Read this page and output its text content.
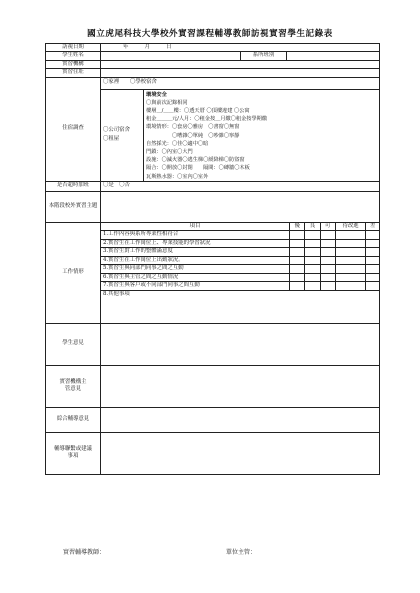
國立虎尾科技大學校外實習課程輔導教師訪視實習學生記錄表
訪視日期	年　　　月　　　日
學生姓名		系所班別	
實習機構	
實習住址	
住宿調查	〇家裡　　〇學校宿舍

〇公司宿舍
〇租屋

環境安全
〇與前次記錄相同
樓層＿/＿＿樓：〇透天厝 〇頂樓違建 〇公寓
租金＿＿＿元/人月：〇租金按＿月繳〇租金按學期繳
環境情形：〇套房〇雅房　〇書窗〇無窗
　　　　　〇嘈雜〇單純　〇吵雜〇寧靜
自然採光：〇佳〇適中〇暗
門鎖：〇內室〇大門
設施：〇滅火器〇逃生梯〇緩降梯〇防盜窗
隔合：〇開放〇封閉　　隔間：〇磚牆〇木板
瓦斯熱水器：〇室內〇室外

是否超時加班	〇是　〇否
本階段校外實習主題	
工作情形	
項目	優	良	可	待改進	差
1.工作內容與系所專業性相符合					
2.實習生在工作崗位上、專業技能的學習狀況					
3.實習生對工作的整體滿意度					
4.實習生在工作崗位上出勤狀況。					
5.實習生與同部門同事之間之互動					
6.實習生與主管之間之互動情況					
7.實習生與客戶或不同部門同事之間互動					
8.其他事項

學生意見	
實習機構主管意見	
綜合輔導意見	
輔導聯繫或建議事項	
實習輔導教師：	單位主管：
